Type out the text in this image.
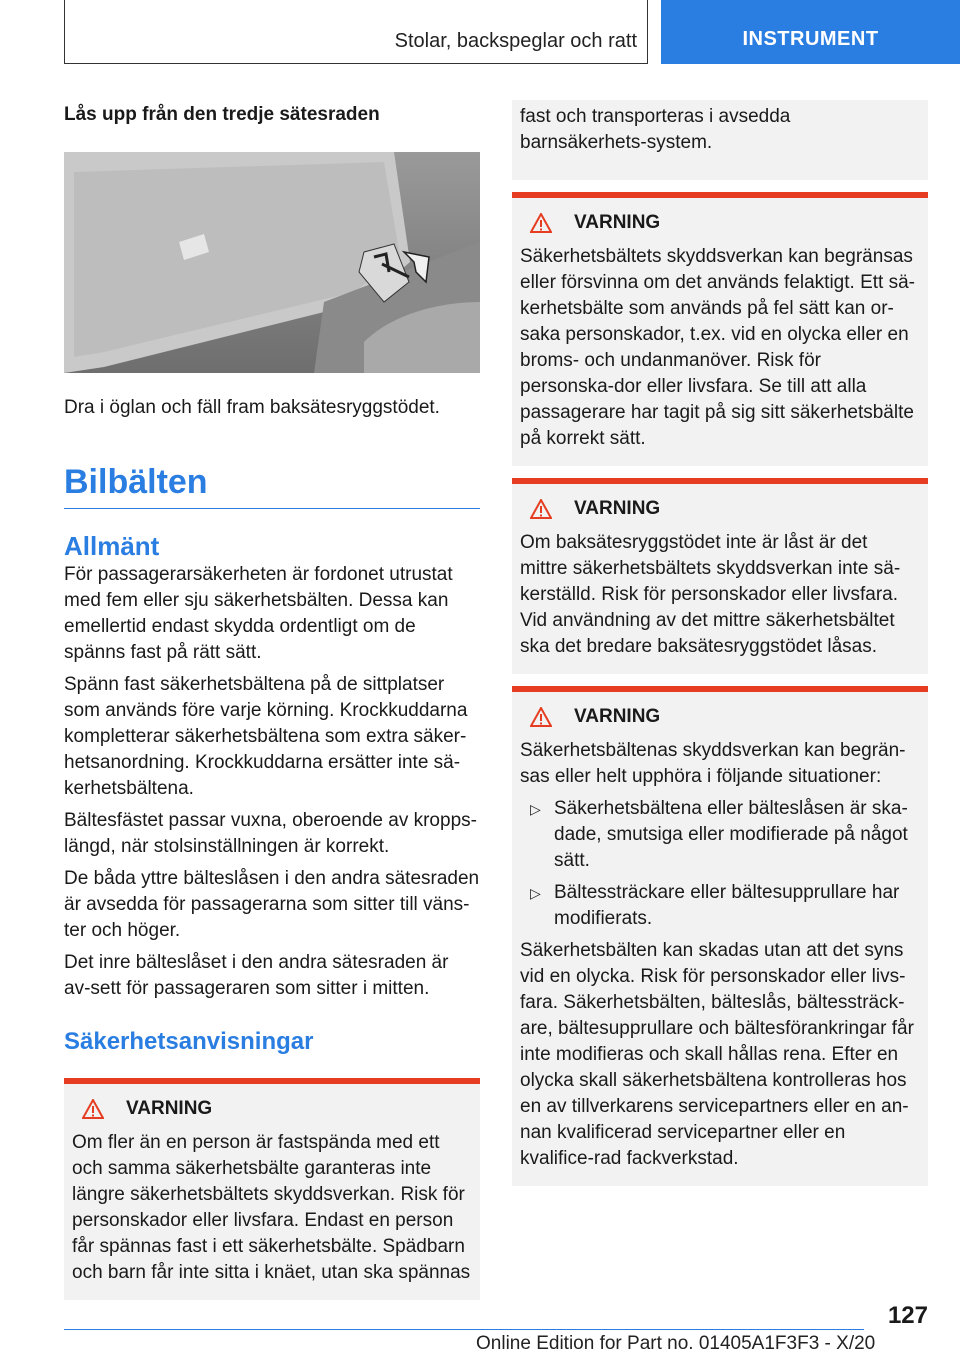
Stolar, backspeglar och ratt	INSTRUMENT
Lås upp från den tredje sätesraden
Dra i öglan och fäll fram baksätesryggstödet.
Bilbälten
Allmänt

För passagerarsäkerheten är fordonet utrustat med fem eller sju säkerhetsbälten. Dessa kan emellertid endast skydda ordentligt om de spänns fast på rätt sätt.

Spänn fast säkerhetsbältena på de sittplatser som används före varje körning. Krockkuddarna kompletterar säkerhetsbältena som extra säker-hetsanordning. Krockkuddarna ersätter inte sä-kerhetsbältena.

Bältesfästet passar vuxna, oberoende av kropps-längd, när stolsinställningen är korrekt.

De båda yttre bälteslåsen i den andra sätesraden är avsedda för passagerarna som sitter till väns-ter och höger.

Det inre bälteslåset i den andra sätesraden är av-sett för passageraren som sitter i mitten.

Säkerhetsanvisningar
VARNING

Om fler än en person är fastspända med ett och samma säkerhetsbälte garanteras inte längre säkerhetsbältets skyddsverkan. Risk för personskador eller livsfara. Endast en person får spännas fast i ett säkerhetsbälte. Spädbarn och barn får inte sitta i knäet, utan ska spännas

fast och transporteras i avsedda barnsäkerhets-system.
VARNING

Säkerhetsbältets skyddsverkan kan begränsas eller försvinna om det används felaktigt. Ett sä-kerhetsbälte som används på fel sätt kan or-saka personskador, t.ex. vid en olycka eller en broms- och undanmanöver. Risk för personska-dor eller livsfara. Se till att alla passagerare har tagit på sig sitt säkerhetsbälte på korrekt sätt.

VARNING

Om baksätesryggstödet inte är låst är det mittre säkerhetsbältets skyddsverkan inte sä-kerställd. Risk för personskador eller livsfara. Vid användning av det mittre säkerhetsbältet ska det bredare baksätesryggstödet låsas.

VARNING

Säkerhetsbältenas skyddsverkan kan begrän-sas eller helt upphöra i följande situationer:

▷ Säkerhetsbältena eller bälteslåsen är ska-dade, smutsiga eller modifierade på något sätt.
▷ Bältessträckare eller bältesupprullare har modifierats.

Säkerhetsbälten kan skadas utan att det syns vid en olycka. Risk för personskador eller livs-fara. Säkerhetsbälten, bälteslås, bältessträck-are, bältesupprullare och bältesförankringar får inte modifieras och skall hållas rena. Efter en olycka skall säkerhetsbältena kontrolleras hos en av tillverkarens servicepartners eller en an-nan kvalificerad servicepartner eller en kvalifice-rad fackverkstad.

127
Online Edition for Part no. 01405A1F3F3 - X/20
